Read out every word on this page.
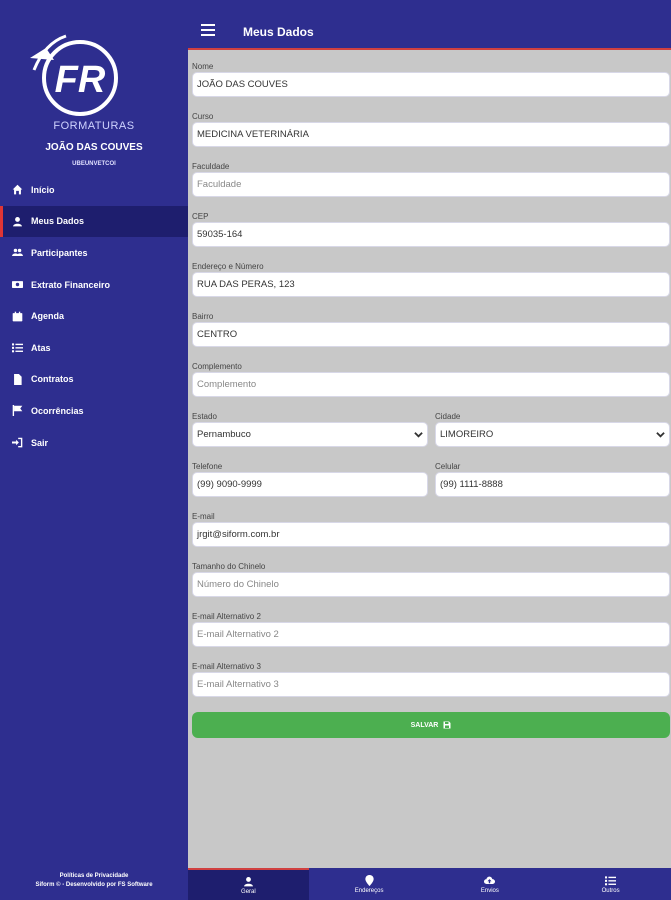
FR
FORMATURAS
JOÃO DAS COUVES
UBEUNVETCOI
Início
Meus Dados
Participantes
Extrato Financeiro
Agenda
Atas
Contratos
Ocorrências
Sair
Políticas de Privacidade
Siform © - Desenvolvido por FS Software
Meus Dados
Nome
JOÃO DAS COUVES
Curso
MEDICINA VETERINÁRIA
Faculdade
Faculdade
CEP
59035-164
Endereço e Número
RUA DAS PERAS, 123
Bairro
CENTRO
Complemento
Complemento
Estado
Pernambuco
Cidade
LIMOREIRO
Telefone
(99) 9090-9999
Celular
(99) 1111-8888
E-mail
jrgit@siform.com.br
Tamanho do Chinelo
Número do Chinelo
E-mail Alternativo 2
E-mail Alternativo 2
E-mail Alternativo 3
E-mail Alternativo 3
SALVAR
Geral	Endereços	Envios	Outros
